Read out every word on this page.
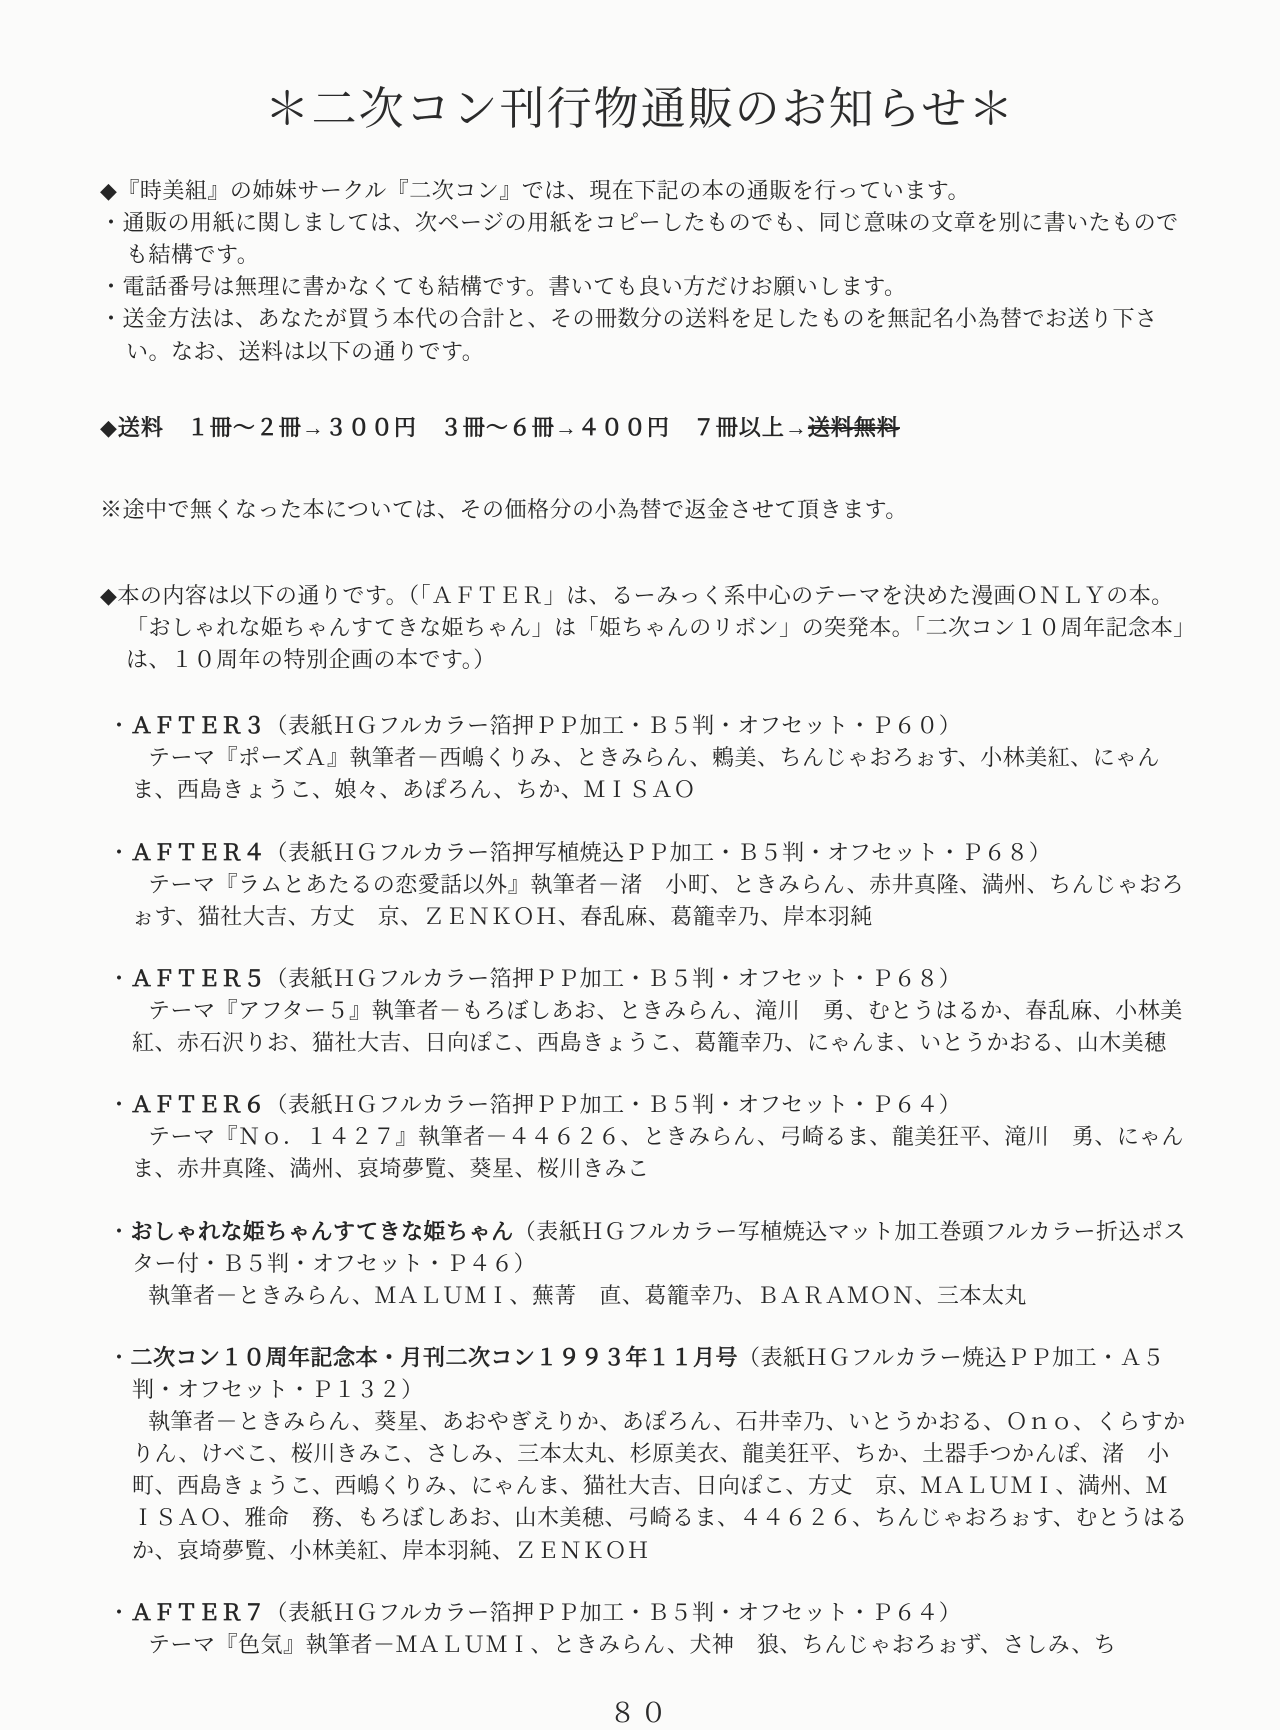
＊二次コン刊行物通販のお知らせ＊

◆『時美組』の姉妹サークル『二次コン』では、現在下記の本の通販を行っています。

・通販の用紙に関しましては、次ページの用紙をコピーしたものでも、同じ意味の文章を別に書いたものでも結構です。

・電話番号は無理に書かなくても結構です。書いても良い方だけお願いします。

・送金方法は、あなたが買う本代の合計と、その冊数分の送料を足したものを無記名小為替でお送り下さい。なお、送料は以下の通りです。

◆送料　１冊～２冊→３００円　３冊～６冊→４００円　７冊以上→送料無料

※途中で無くなった本については、その価格分の小為替で返金させて頂きます。

◆本の内容は以下の通りです。（「ＡＦＴＥＲ」は、るーみっく系中心のテーマを決めた漫画ＯＮＬＹの本。「おしゃれな姫ちゃんすてきな姫ちゃん」は「姫ちゃんのリボン」の突発本。「二次コン１０周年記念本」は、１０周年の特別企画の本です。）

・ＡＦＴＥＲ３（表紙ＨＧフルカラー箔押ＰＰ加工・Ｂ５判・オフセット・Ｐ６０）

テーマ『ポーズＡ』執筆者－西嶋くりみ、ときみらん、鶫美、ちんじゃおろぉす、小林美紅、にゃんま、西島きょうこ、娘々、あぽろん、ちか、ＭＩＳＡＯ

・ＡＦＴＥＲ４（表紙ＨＧフルカラー箔押写植焼込ＰＰ加工・Ｂ５判・オフセット・Ｐ６８）

テーマ『ラムとあたるの恋愛話以外』執筆者－渚　小町、ときみらん、赤井真隆、満州、ちんじゃおろぉす、猫社大吉、方丈　京、ＺＥＮＫＯＨ、春乱麻、葛籠幸乃、岸本羽純

・ＡＦＴＥＲ５（表紙ＨＧフルカラー箔押ＰＰ加工・Ｂ５判・オフセット・Ｐ６８）

テーマ『アフター５』執筆者－もろぼしあお、ときみらん、滝川　勇、むとうはるか、春乱麻、小林美紅、赤石沢りお、猫社大吉、日向ぽこ、西島きょうこ、葛籠幸乃、にゃんま、いとうかおる、山木美穂

・ＡＦＴＥＲ６（表紙ＨＧフルカラー箔押ＰＰ加工・Ｂ５判・オフセット・Ｐ６４）

テーマ『Ｎｏ．１４２７』執筆者－４４６２６、ときみらん、弓崎るま、龍美狂平、滝川　勇、にゃんま、赤井真隆、満州、哀埼夢覧、葵星、桜川きみこ

・おしゃれな姫ちゃんすてきな姫ちゃん（表紙ＨＧフルカラー写植焼込マット加工巻頭フルカラー折込ポスター付・Ｂ５判・オフセット・Ｐ４６）

執筆者－ときみらん、ＭＡＬＵＭＩ、蕪菁　直、葛籠幸乃、ＢＡＲＡＭＯＮ、三本太丸

・二次コン１０周年記念本・月刊二次コン１９９３年１１月号（表紙ＨＧフルカラー焼込ＰＰ加工・Ａ５判・オフセット・Ｐ１３２）

執筆者－ときみらん、葵星、あおやぎえりか、あぽろん、石井幸乃、いとうかおる、Ｏｎｏ、くらすかりん、けべこ、桜川きみこ、さしみ、三本太丸、杉原美衣、龍美狂平、ちか、土器手つかんぽ、渚　小町、西島きょうこ、西嶋くりみ、にゃんま、猫社大吉、日向ぽこ、方丈　京、ＭＡＬＵＭＩ、満州、ＭＩＳＡＯ、雅命　務、もろぼしあお、山木美穂、弓崎るま、４４６２６、ちんじゃおろぉす、むとうはるか、哀埼夢覧、小林美紅、岸本羽純、ＺＥＮＫＯＨ

・ＡＦＴＥＲ７（表紙ＨＧフルカラー箔押ＰＰ加工・Ｂ５判・オフセット・Ｐ６４）

テーマ『色気』執筆者－ＭＡＬＵＭＩ、ときみらん、犬神　狼、ちんじゃおろぉず、さしみ、ち

８０
